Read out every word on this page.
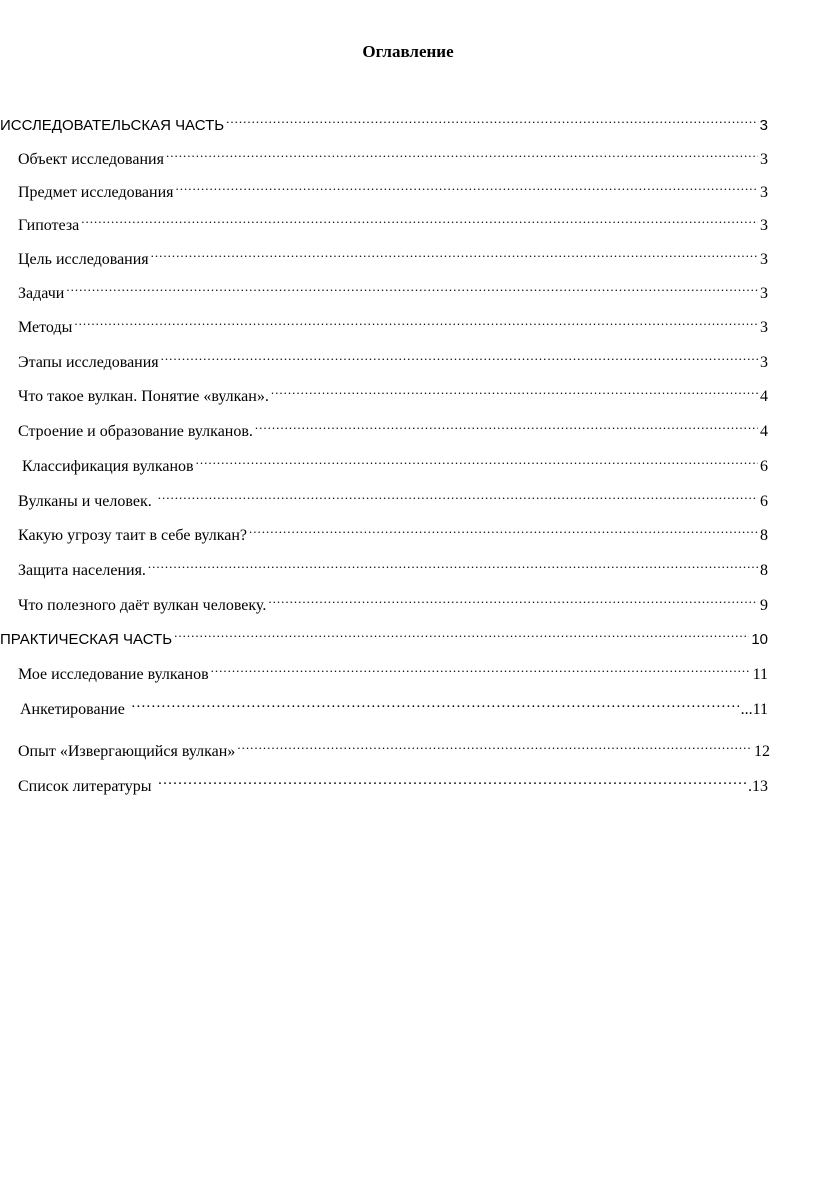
Оглавление
ИССЛЕДОВАТЕЛЬСКАЯ ЧАСТЬ .....	3
Объект исследования .....	3
Предмет исследования .....	3
Гипотеза .....	3
Цель исследования .....	3
Задачи .....	3
Методы .....	3
Этапы исследования .....	3
Что такое вулкан. Понятие «вулкан». .....	4
Строение и образование вулканов. .....	4
Классификация вулканов .....	6
Вулканы и человек. .....	6
Какую угрозу таит в себе вулкан? .....	8
Защита населения. .....	8
Что полезного даёт вулкан человеку. .....	9
ПРАКТИЧЕСКАЯ ЧАСТЬ .....	10
Мое исследование вулканов .....	11
Анкетирование …………………………………………………………………………………………………………………………………………………………………………………………	...11
Опыт «Извергающийся вулкан» .....	12
Список литературы …………………………………………………………………………………………………………………………………………………………………………………………	.13
